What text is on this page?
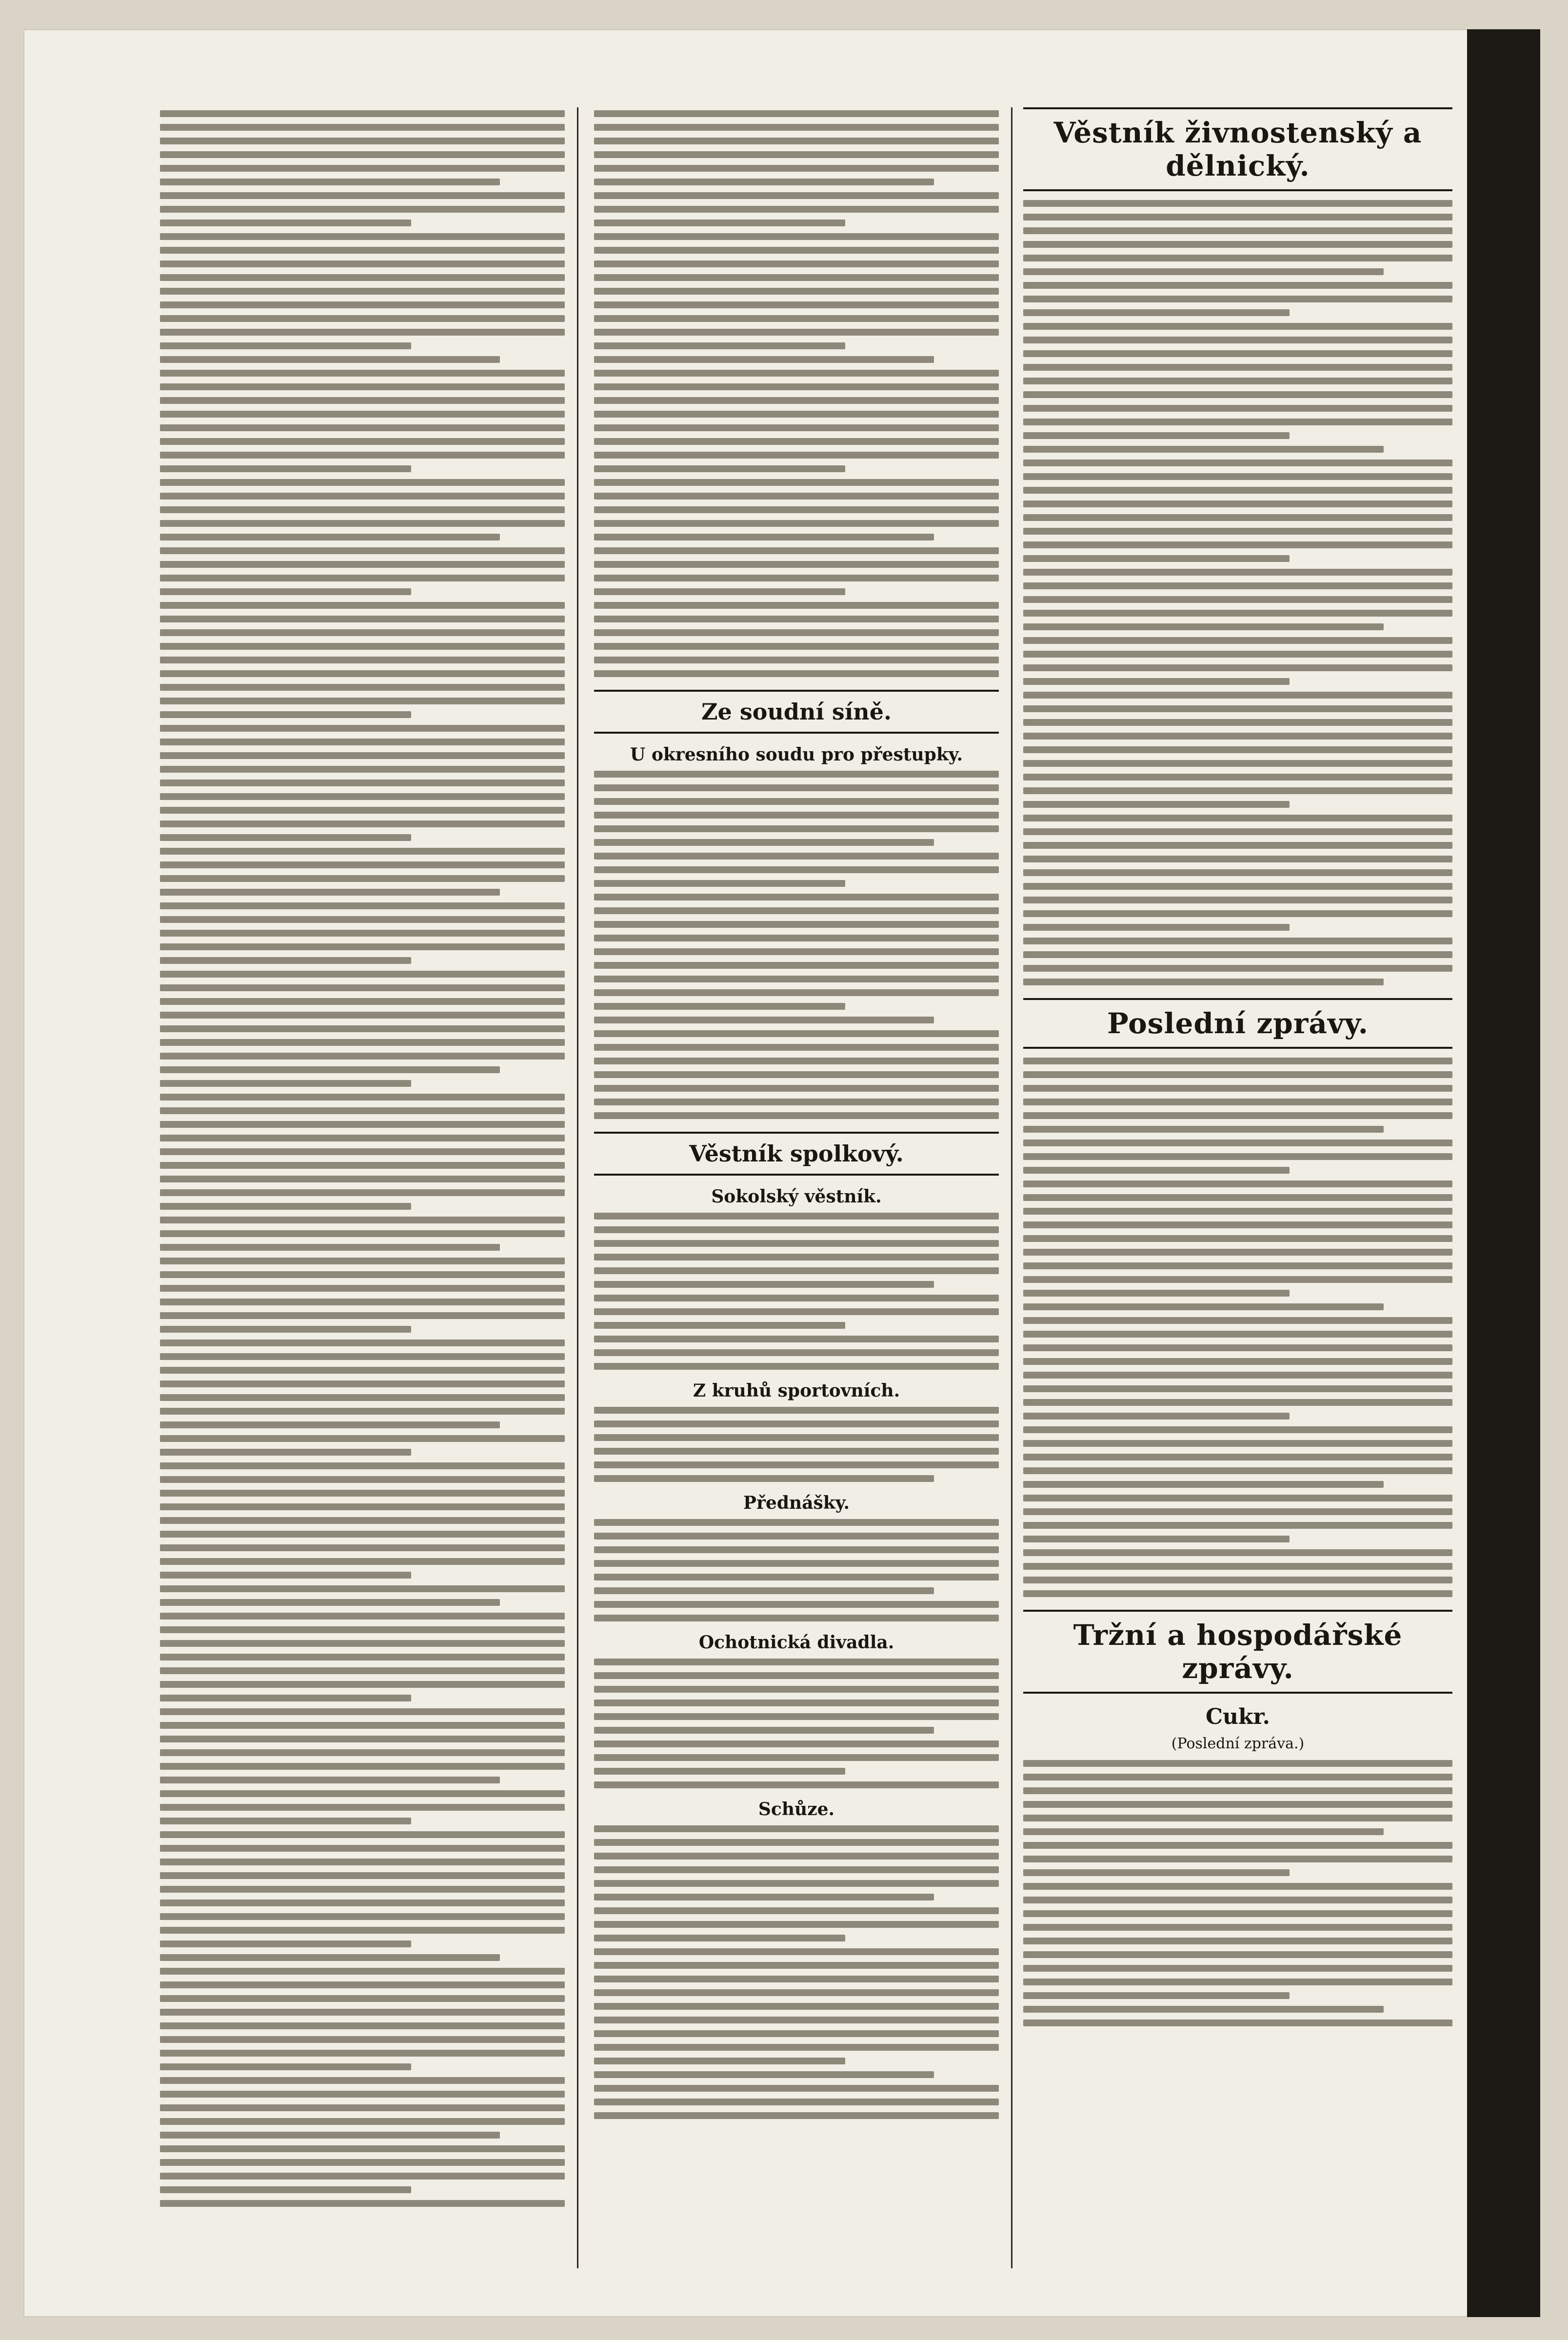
Ze soudní síně.
U okresního soudu pro přestupky.
Věstník spolkový.
Sokolský věstník.
Z kruhů sportovních.
Přednášky.
Ochotnická divadla.
Schůze.
Věstník živnostenský a dělnický.
Poslední zprávy.
Tržní a hospodářské zprávy.
Cukr.
(Poslední zpráva.)
